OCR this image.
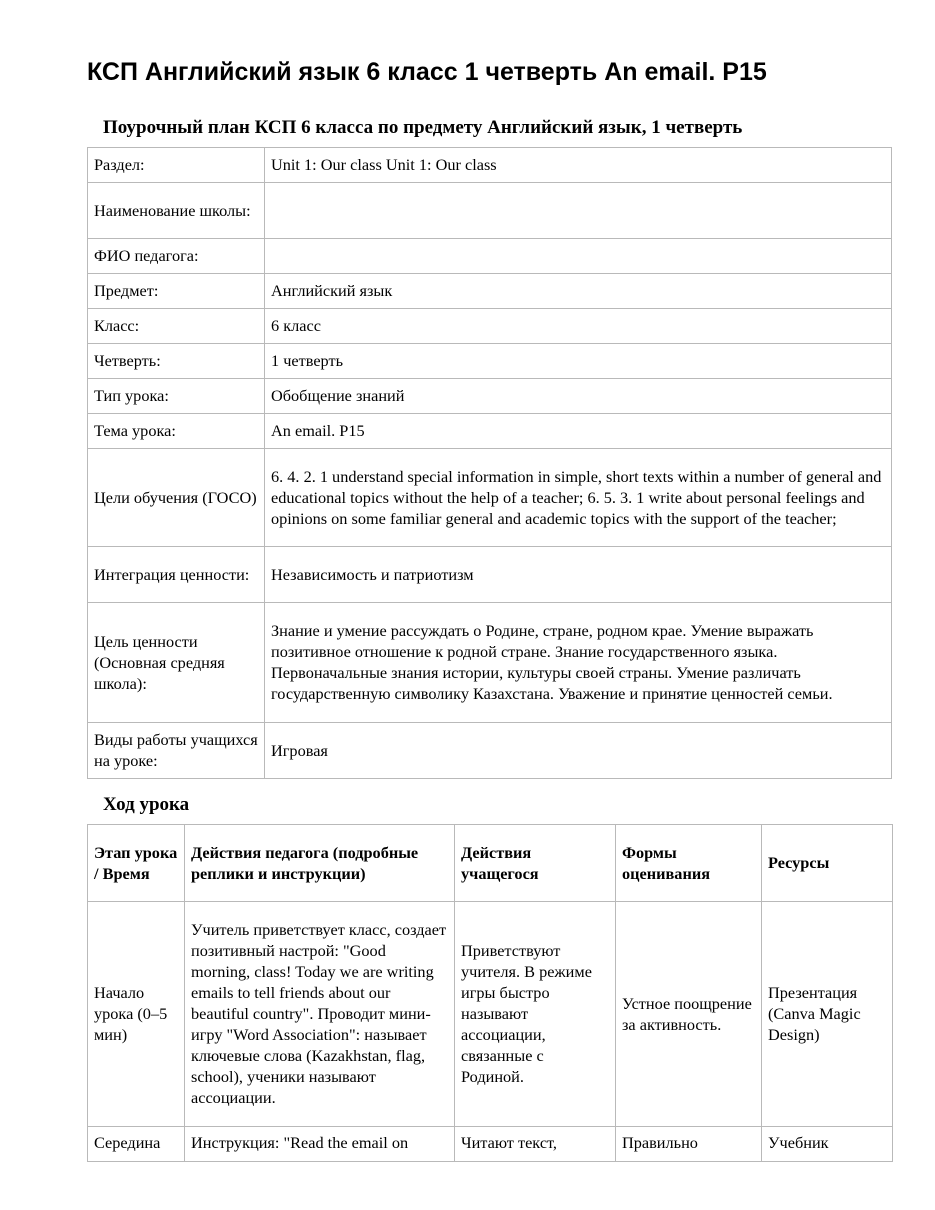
КСП Английский язык 6 класс 1 четверть An email. P15
Поурочный план КСП 6 класса по предмету Английский язык, 1 четверть
Раздел:	Unit 1: Our class Unit 1: Our class
Наименование школы:	
ФИО педагога:	
Предмет:	Английский язык
Класс:	6 класс
Четверть:	1 четверть
Тип урока:	Обобщение знаний
Тема урока:	An email. P15
Цели обучения (ГОСО)	6. 4. 2. 1 understand special information in simple, short texts within a number of general and educational topics without the help of a teacher; 6. 5. 3. 1 write about personal feelings and opinions on some familiar general and academic topics with the support of the teacher;
Интеграция ценности:	Независимость и патриотизм
Цель ценности (Основная средняя школа):	Знание и умение рассуждать о Родине, стране, родном крае. Умение выражать позитивное отношение к родной стране. Знание государственного языка. Первоначальные знания истории, культуры своей страны. Умение различать государственную символику Казахстана. Уважение и принятие ценностей семьи.
Виды работы учащихся на уроке:	Игровая
Ход урока
Этап урока / Время	Действия педагога (подробные реплики и инструкции)	Действия учащегося	Формы оценивания	Ресурсы
Начало урока (0–5 мин)	Учитель приветствует класс, создает позитивный настрой: "Good morning, class! Today we are writing emails to tell friends about our beautiful country". Проводит мини-игру "Word Association": называет ключевые слова (Kazakhstan, flag, school), ученики называют ассоциации.	Приветствуют учителя. В режиме игры быстро называют ассоциации, связанные с Родиной.	Устное поощрение за активность.	Презентация (Canva Magic Design)
Середина	Инструкция: "Read the email on	Читают текст,	Правильно	Учебник
